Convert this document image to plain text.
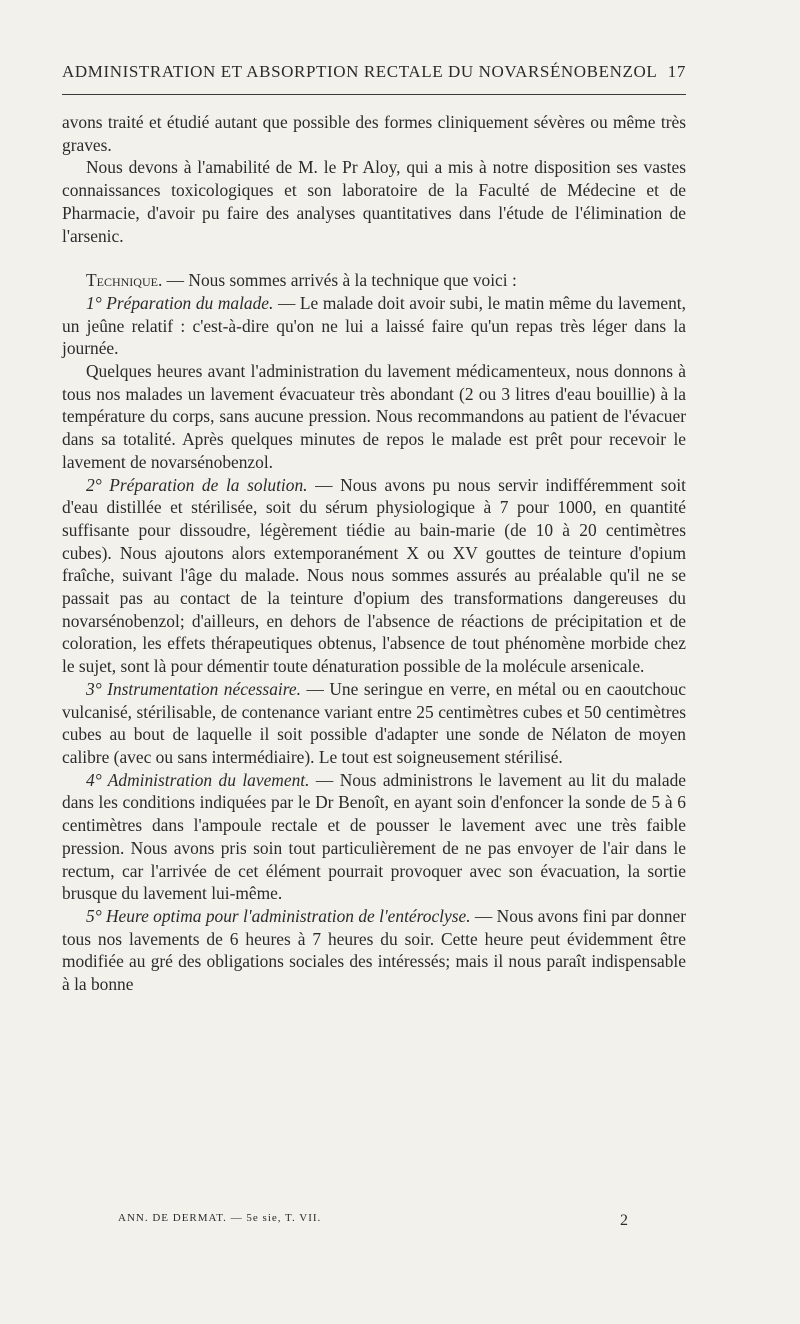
ADMINISTRATION ET ABSORPTION RECTALE DU NOVARSÉNOBENZOL 17

avons traité et étudié autant que possible des formes cliniquement sévères ou même très graves.

Nous devons à l'amabilité de M. le Pr Aloy, qui a mis à notre disposition ses vastes connaissances toxicologiques et son laboratoire de la Faculté de Médecine et de Pharmacie, d'avoir pu faire des analyses quantitatives dans l'étude de l'élimination de l'arsenic.

Technique. — Nous sommes arrivés à la technique que voici :

1° Préparation du malade. — Le malade doit avoir subi, le matin même du lavement, un jeûne relatif : c'est-à-dire qu'on ne lui a laissé faire qu'un repas très léger dans la journée.

Quelques heures avant l'administration du lavement médicamenteux, nous donnons à tous nos malades un lavement évacuateur très abondant (2 ou 3 litres d'eau bouillie) à la température du corps, sans aucune pression. Nous recommandons au patient de l'évacuer dans sa totalité. Après quelques minutes de repos le malade est prêt pour recevoir le lavement de novarsénobenzol.

2° Préparation de la solution. — Nous avons pu nous servir indifféremment soit d'eau distillée et stérilisée, soit du sérum physiologique à 7 pour 1000, en quantité suffisante pour dissoudre, légèrement tiédie au bain-marie (de 10 à 20 centimètres cubes). Nous ajoutons alors extemporanément X ou XV gouttes de teinture d'opium fraîche, suivant l'âge du malade. Nous nous sommes assurés au préalable qu'il ne se passait pas au contact de la teinture d'opium des transformations dangereuses du novarsénobenzol; d'ailleurs, en dehors de l'absence de réactions de précipitation et de coloration, les effets thérapeutiques obtenus, l'absence de tout phénomène morbide chez le sujet, sont là pour démentir toute dénaturation possible de la molécule arsenicale.

3° Instrumentation nécessaire. — Une seringue en verre, en métal ou en caoutchouc vulcanisé, stérilisable, de contenance variant entre 25 centimètres cubes et 50 centimètres cubes au bout de laquelle il soit possible d'adapter une sonde de Nélaton de moyen calibre (avec ou sans intermédiaire). Le tout est soigneusement stérilisé.

4° Administration du lavement. — Nous administrons le lavement au lit du malade dans les conditions indiquées par le Dr Benoît, en ayant soin d'enfoncer la sonde de 5 à 6 centimètres dans l'ampoule rectale et de pousser le lavement avec une très faible pression. Nous avons pris soin tout particulièrement de ne pas envoyer de l'air dans le rectum, car l'arrivée de cet élément pourrait provoquer avec son évacuation, la sortie brusque du lavement lui-même.

5° Heure optima pour l'administration de l'entéroclyse. — Nous avons fini par donner tous nos lavements de 6 heures à 7 heures du soir. Cette heure peut évidemment être modifiée au gré des obligations sociales des intéressés; mais il nous paraît indispensable à la bonne

ANN. DE DERMAT. — 5e sie, T. VII.	2
